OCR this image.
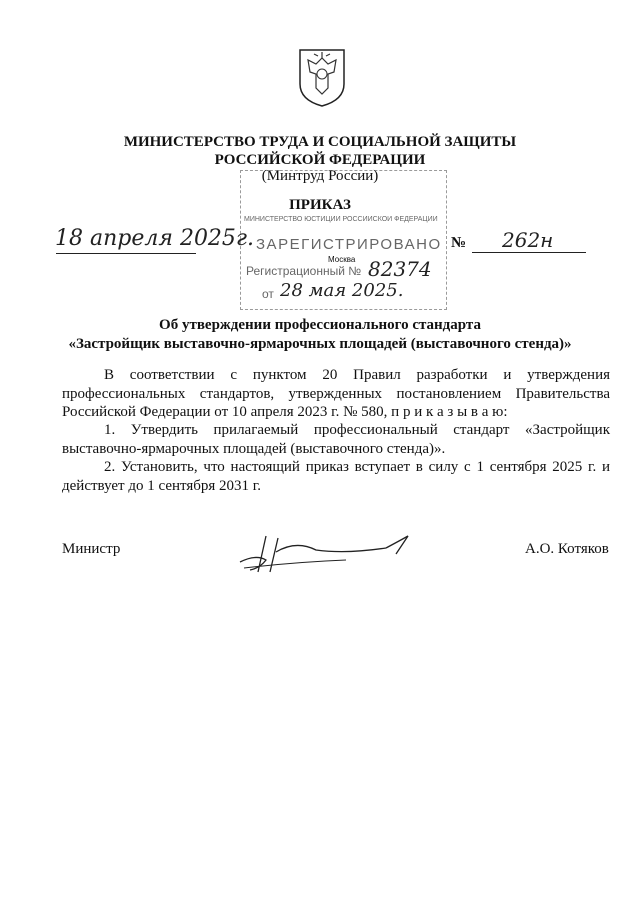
МИНИСТЕРСТВО ТРУДА И СОЦИАЛЬНОЙ ЗАЩИТЫ
РОССИЙСКОЙ ФЕДЕРАЦИИ
(Минтруд России)
МИНИСТЕРСТВО ЮСТИЦИИ РОССИЙСКОЙ ФЕДЕРАЦИИ
ПРИКАЗ
ЗАРЕГИСТРИРОВАНО
Москва
Регистрационный № 82374
от 28 мая 2025.
18 апреля 2025г.	№ 262н
Об утверждении профессионального стандарта
«Застройщик выставочно-ярмарочных площадей (выставочного стенда)»
В соответствии с пунктом 20 Правил разработки и утверждения профессиональных стандартов, утвержденных постановлением Правительства Российской Федерации от 10 апреля 2023 г. № 580, п р и к а з ы в а ю:
1. Утвердить прилагаемый профессиональный стандарт «Застройщик выставочно-ярмарочных площадей (выставочного стенда)».
2. Установить, что настоящий приказ вступает в силу с 1 сентября 2025 г. и действует до 1 сентября 2031 г.
Министр	А.О. Котяков
